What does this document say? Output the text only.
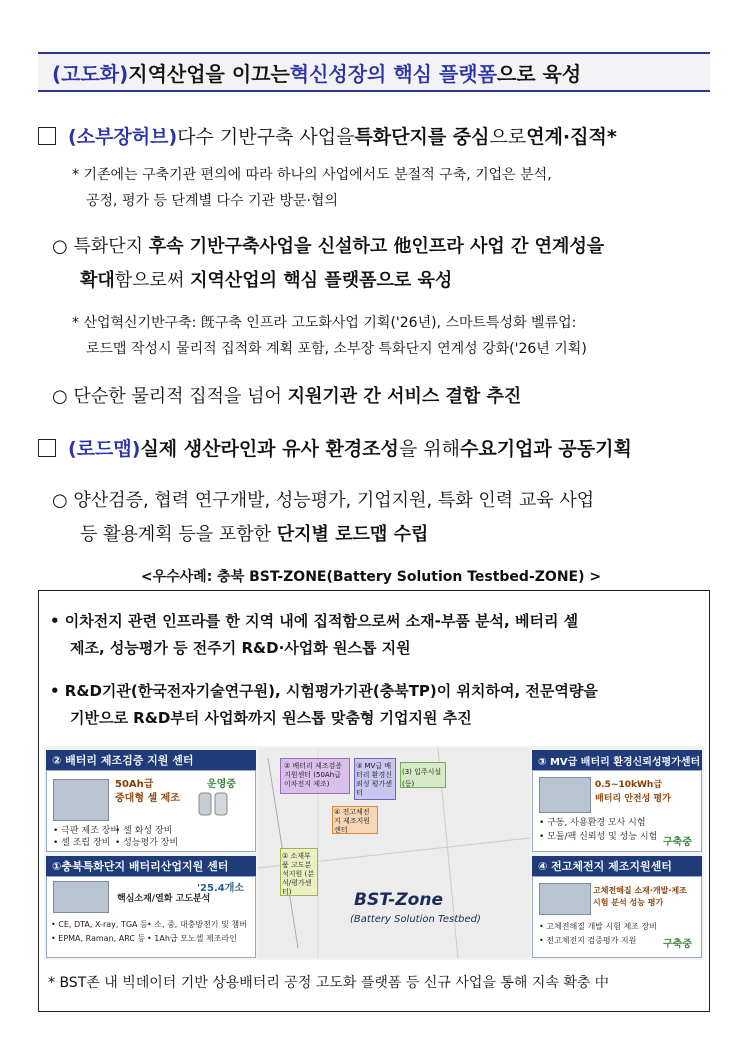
(고도화) 지역산업을 이끄는 혁신성장의 핵심 플랫폼 으로 육성
(소부장허브) 다수 기반구축 사업을 특화단지를 중심 으로 연계·집적*
* 기존에는 구축기관 편의에 따라 하나의 사업에서도 분절적 구축, 기업은 분석,
공정, 평가 등 단계별 다수 기관 방문·협의
○ 특화단지 후속 기반구축사업을 신설하고 他인프라 사업 간 연계성을
확대함으로써 지역산업의 핵심 플랫폼으로 육성
* 산업혁신기반구축: 旣구축 인프라 고도화사업 기획('26년), 스마트특성화 벨류업:
로드맵 작성시 물리적 집적화 계획 포함, 소부장 특화단지 연계성 강화('26년 기획)
○ 단순한 물리적 집적을 넘어 지원기관 간 서비스 결합 추진
(로드맵) 실제 생산라인과 유사 환경조성 을 위해 수요기업과 공동기획
○ 양산검증, 협력 연구개발, 성능평가, 기업지원, 특화 인력 교육 사업
등 활용계획 등을 포함한 단지별 로드맵 수립
<우수사례: 충북 BST-ZONE(Battery Solution Testbed-ZONE) >
• 이차전지 관련 인프라를 한 지역 내에 집적함으로써 소재-부품 분석, 베터리 셀
제조, 성능평가 등 전주기 R&D·사업화 원스톱 지원
• R&D기관(한국전자기술연구원), 시험평가기관(충북TP)이 위치하여, 전문역량을
기반으로 R&D부터 사업화까지 원스톱 맞춤형 기업지원 추진
② 배터리 제조검증지원센터 (50Ah급 이차전지 제조)
③ MV급 배터리 환경신뢰성 평가센터
(3) 입주시설(등)
④ 전고체전지 제조지원센터
① 소재부품 고도분석지원 (분석/평가센터)	BST-Zone
(Battery Solution Testbed)
② 배터리 제조검증 지원 센터
50Ah급
중대형 셀 제조
운영중
• 극판 제조 장비
• 셀 화성 장비
• 셀 조립 장비 • 성능평가 장비
①충북특화단지 배터리산업지원 센터
'25.4개소
핵심소재/열화 고도분석
• CE, DTA, X-ray, TGA 등 • 소, 중, 대충방전기 및 챔버
• EPMA, Raman, ARC 등 • 1Ah급 모노셀 제조라인
③ MV급 배터리 환경신뢰성평가센터
0.5~10kWh급
배터리 안전성 평가
• 구동, 사용환경 모사 시험
• 모듈/팩 신뢰성 및 성능 시험 구축중
④ 전고체전지 제조지원센터
고체전해질 소재·개발·제조
시험 분석 성능 평가
• 고체전해질 개발 시험 제조 장비
• 전고체전지 검증평가 지원	구축중
* BST존 내 빅데이터 기반 상용배터리 공정 고도화 플랫폼 등 신규 사업을 통해 지속 확충 中
